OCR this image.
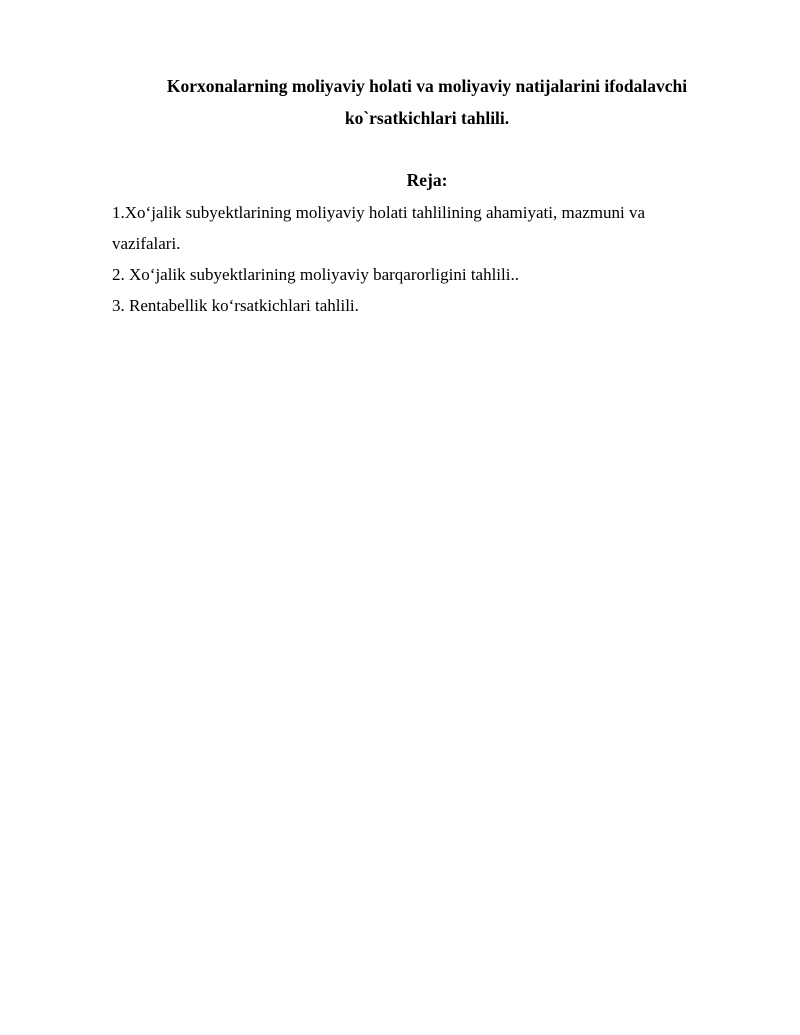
Korxonalarning moliyaviy holati va moliyaviy natijalarini ifodalavchi
ko`rsatkichlari tahlili.
Reja:
1.Xo‘jalik subyektlarining moliyaviy holati tahlilining ahamiyati, mazmuni va
vazifalari.
2. Xo‘jalik subyektlarining moliyaviy barqarorligini tahlili..
3. Rentabellik ko‘rsatkichlari tahlili.
